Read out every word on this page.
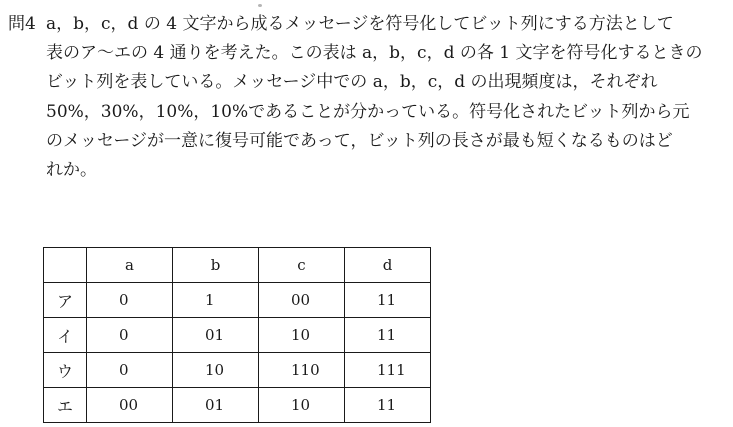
問4 a，b，c，d の 4 文字から成るメッセージを符号化してビット列にする方法として
表のア～エの 4 通りを考えた。この表は a，b，c，d の各 1 文字を符号化するときの
ビット列を表している。メッセージ中での a，b，c，d の出現頻度は，それぞれ
50%，30%，10%，10%であることが分かっている。符号化されたビット列から元
のメッセージが一意に復号可能であって，ビット列の長さが最も短くなるものはど
れか。
	a	b	c	d
ア	0	1	00	11
イ	0	01	10	11
ウ	0	10	110	111
エ	00	01	10	11
